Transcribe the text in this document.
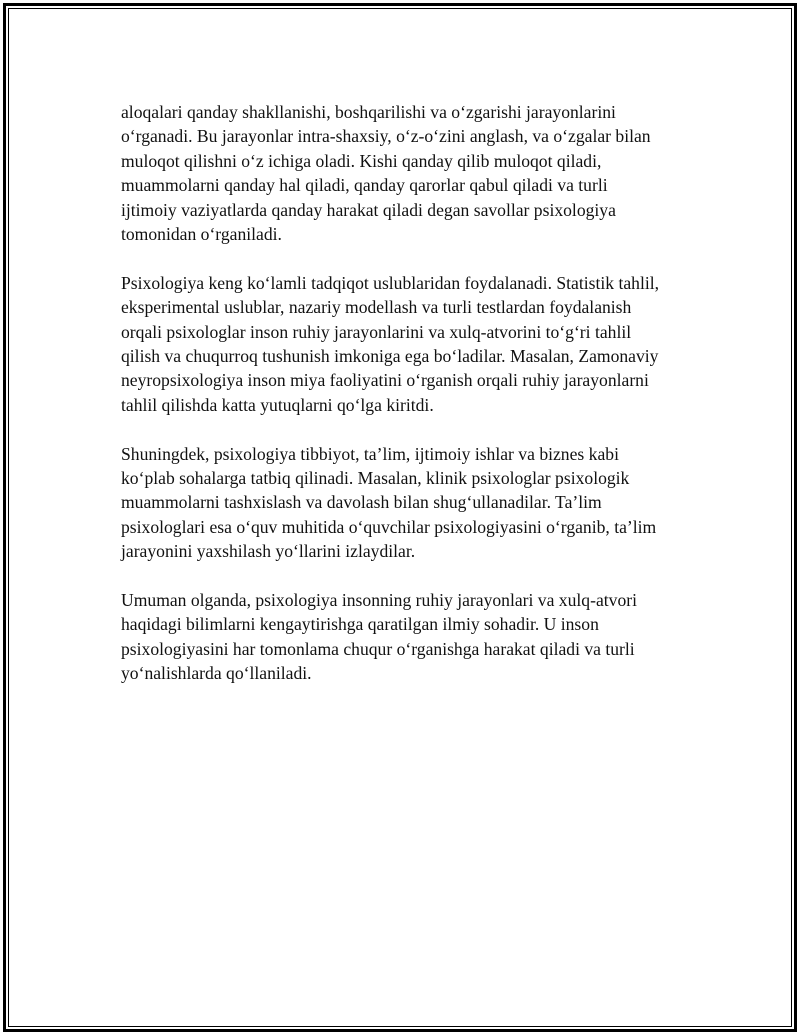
aloqalari qanday shakllanishi, boshqarilishi va o‘zgarishi jarayonlarini
o‘rganadi. Bu jarayonlar intra-shaxsiy, o‘z-o‘zini anglash, va o‘zgalar bilan
muloqot qilishni o‘z ichiga oladi. Kishi qanday qilib muloqot qiladi,
muammolarni qanday hal qiladi, qanday qarorlar qabul qiladi va turli
ijtimoiy vaziyatlarda qanday harakat qiladi degan savollar psixologiya
tomonidan o‘rganiladi.

Psixologiya keng ko‘lamli tadqiqot uslublaridan foydalanadi. Statistik tahlil,
eksperimental uslublar, nazariy modellash va turli testlardan foydalanish
orqali psixologlar inson ruhiy jarayonlarini va xulq-atvorini to‘g‘ri tahlil
qilish va chuqurroq tushunish imkoniga ega bo‘ladilar. Masalan, Zamonaviy
neyropsixologiya inson miya faoliyatini o‘rganish orqali ruhiy jarayonlarni
tahlil qilishda katta yutuqlarni qo‘lga kiritdi.

Shuningdek, psixologiya tibbiyot, ta’lim, ijtimoiy ishlar va biznes kabi
ko‘plab sohalarga tatbiq qilinadi. Masalan, klinik psixologlar psixologik
muammolarni tashxislash va davolash bilan shug‘ullanadilar. Ta’lim
psixologlari esa o‘quv muhitida o‘quvchilar psixologiyasini o‘rganib, ta’lim
jarayonini yaxshilash yo‘llarini izlaydilar.

Umuman olganda, psixologiya insonning ruhiy jarayonlari va xulq-atvori
haqidagi bilimlarni kengaytirishga qaratilgan ilmiy sohadir. U inson
psixologiyasini har tomonlama chuqur o‘rganishga harakat qiladi va turli
yo‘nalishlarda qo‘llaniladi.
